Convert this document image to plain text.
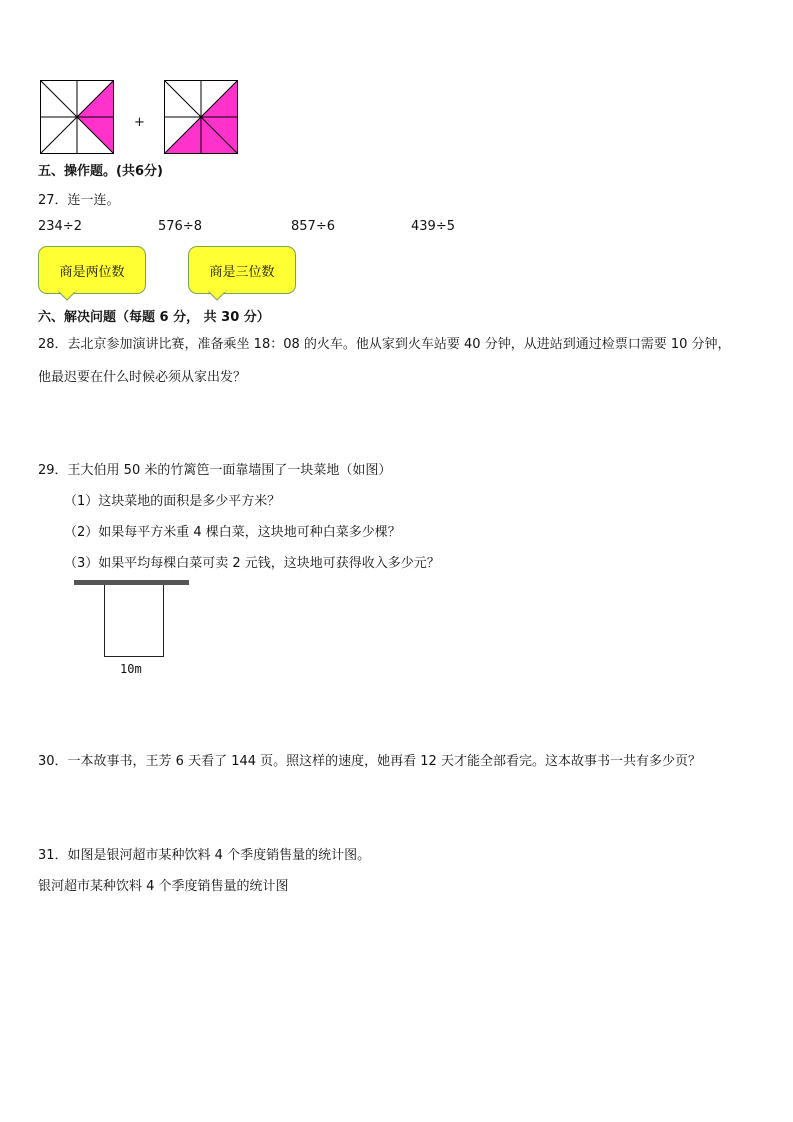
+
五、操作题。(共6分)
27．连一连。
234÷2	576÷8	857÷6	439÷5
商是两位数	商是三位数
六、解决问题（每题 6 分， 共 30 分）
28．去北京参加演讲比赛，准备乘坐 18：08 的火车。他从家到火车站要 40 分钟，从进站到通过检票口需要 10 分钟，
他最迟要在什么时候必须从家出发？
29．王大伯用 50 米的竹篱笆一面靠墙围了一块菜地（如图）
（1）这块菜地的面积是多少平方米？
（2）如果每平方米重 4 棵白菜，这块地可种白菜多少棵？
（3）如果平均每棵白菜可卖 2 元钱，这块地可获得收入多少元？
10m
30．一本故事书，王芳 6 天看了 144 页。照这样的速度，她再看 12 天才能全部看完。这本故事书一共有多少页？
31．如图是银河超市某种饮料 4 个季度销售量的统计图。
银河超市某种饮料 4 个季度销售量的统计图
